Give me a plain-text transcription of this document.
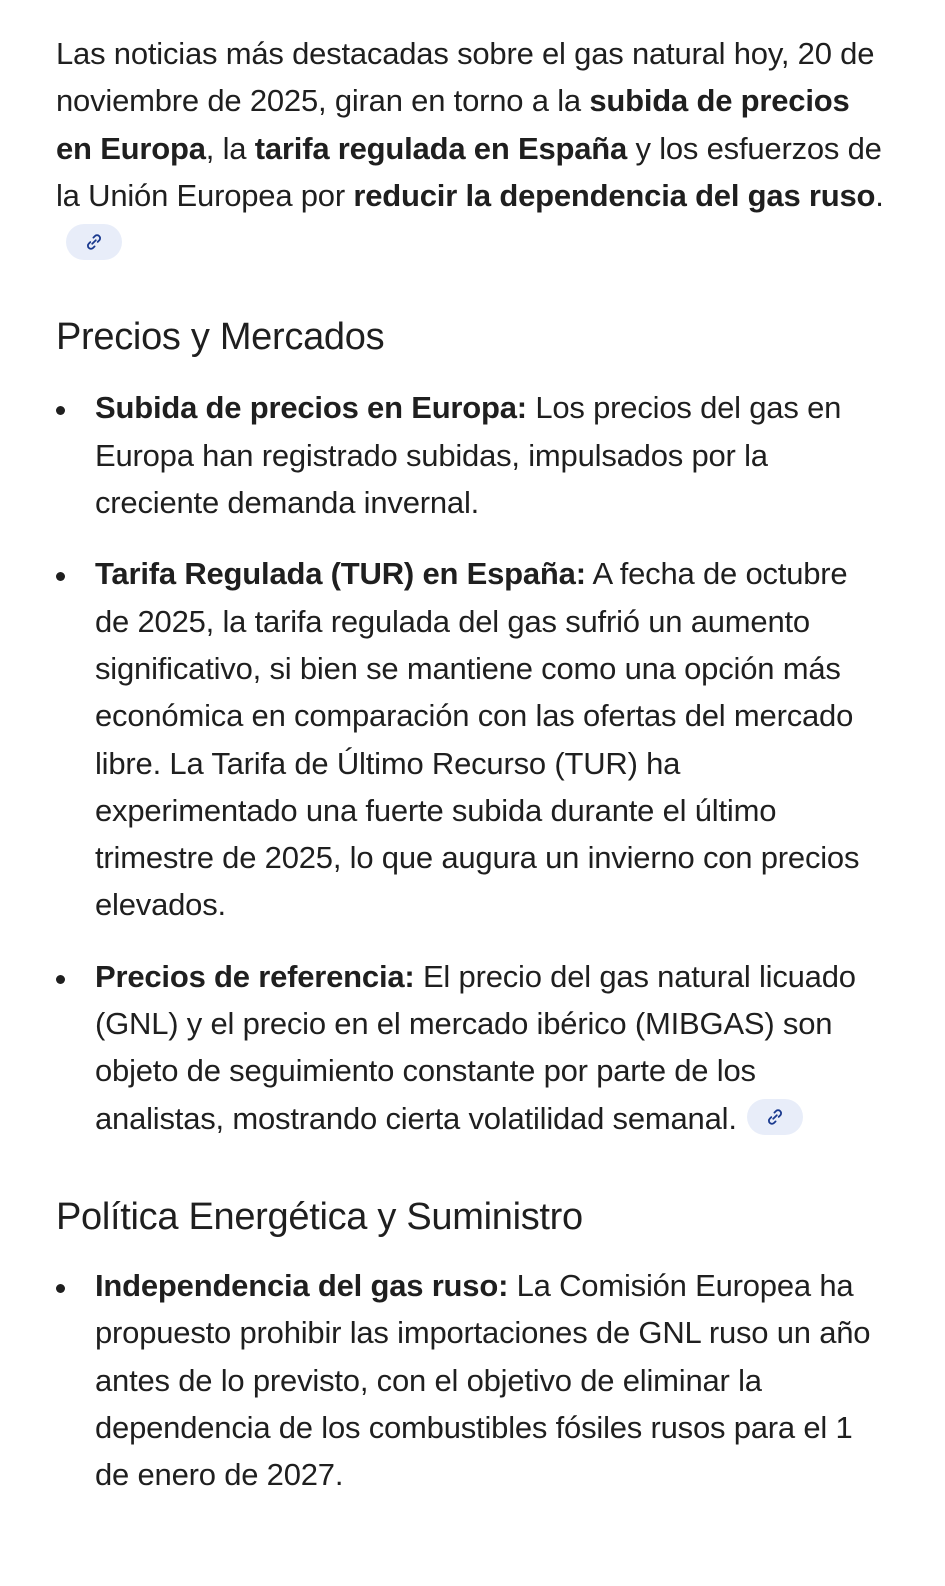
Las noticias más destacadas sobre el gas natural hoy, 20 de noviembre de 2025, giran en torno a la subida de precios en Europa, la tarifa regulada en España y los esfuerzos de la Unión Europea por reducir la dependencia del gas ruso.

Precios y Mercados
Subida de precios en Europa: Los precios del gas en Europa han registrado subidas, impulsados por la creciente demanda invernal.
Tarifa Regulada (TUR) en España: A fecha de octubre de 2025, la tarifa regulada del gas sufrió un aumento significativo, si bien se mantiene como una opción más económica en comparación con las ofertas del mercado libre. La Tarifa de Último Recurso (TUR) ha experimentado una fuerte subida durante el último trimestre de 2025, lo que augura un invierno con precios elevados.
Precios de referencia: El precio del gas natural licuado (GNL) y el precio en el mercado ibérico (MIBGAS) son objeto de seguimiento constante por parte de los analistas, mostrando cierta volatilidad semanal.
Política Energética y Suministro
Independencia del gas ruso: La Comisión Europea ha propuesto prohibir las importaciones de GNL ruso un año antes de lo previsto, con el objetivo de eliminar la dependencia de los combustibles fósiles rusos para el 1 de enero de 2027.
